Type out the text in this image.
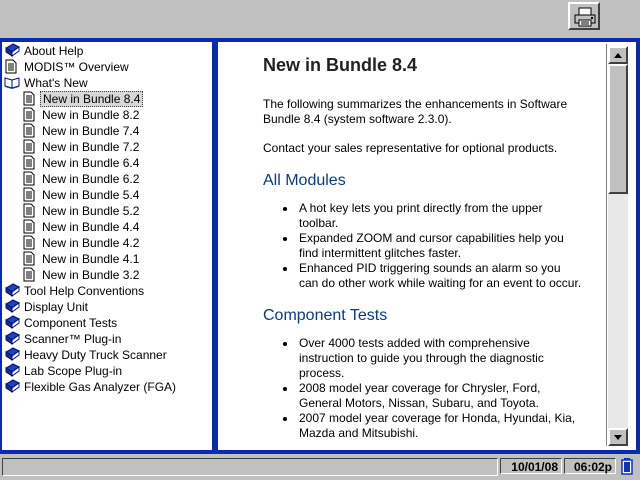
About Help
MODIS™ Overview
What's New
New in Bundle 8.4
New in Bundle 8.2
New in Bundle 7.4
New in Bundle 7.2
New in Bundle 6.4
New in Bundle 6.2
New in Bundle 5.4
New in Bundle 5.2
New in Bundle 4.4
New in Bundle 4.2
New in Bundle 4.1
New in Bundle 3.2
Tool Help Conventions
Display Unit
Component Tests
Scanner™ Plug-in
Heavy Duty Truck Scanner
Lab Scope Plug-in
Flexible Gas Analyzer (FGA)
New in Bundle 8.4

The following summarizes the enhancements in Software Bundle 8.4 (system software 2.3.0).

Contact your sales representative for optional products.

All Modules
A hot key lets you print directly from the upper toolbar.
Expanded ZOOM and cursor capabilities help you find intermittent glitches faster.
Enhanced PID triggering sounds an alarm so you can do other work while waiting for an event to occur.
Component Tests
Over 4000 tests added with comprehensive instruction to guide you through the diagnostic process.
2008 model year coverage for Chrysler, Ford, General Motors, Nissan, Subaru, and Toyota.
2007 model year coverage for Honda, Hyundai, Kia, Mazda and Mitsubishi.
10/01/08	06:02p
